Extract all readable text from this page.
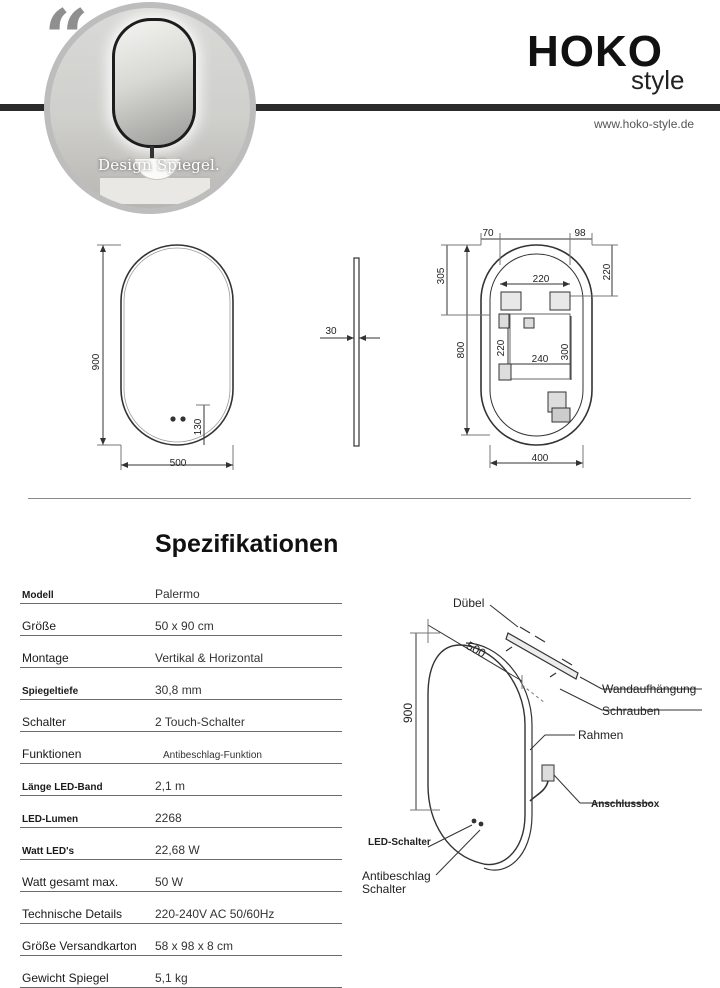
Design Spiegel.
“	HOKO
style
www.hoko-style.de
900
500
130
30
70	98
305	220
220
800	220
240 300
400
Spezifikationen
Modell	Palermo
Größe	50 x 90 cm
Montage	Vertikal & Horizontal
Spiegeltiefe	30,8 mm
Schalter	2 Touch-Schalter
Funktionen	Antibeschlag-Funktion
Länge LED-Band	2,1 m
LED-Lumen	2268
Watt LED's	22,68 W
Watt gesamt max.	50 W
Technische Details	220-240V AC 50/60Hz
Größe Versandkarton 58 x 98 x 8 cm
Gewicht Spiegel	5,1 kg
500
900
Dübel
Wandaufhängung
Schrauben
Rahmen
Anschlussbox
LED-Schalter
Antibeschlag
Schalter
